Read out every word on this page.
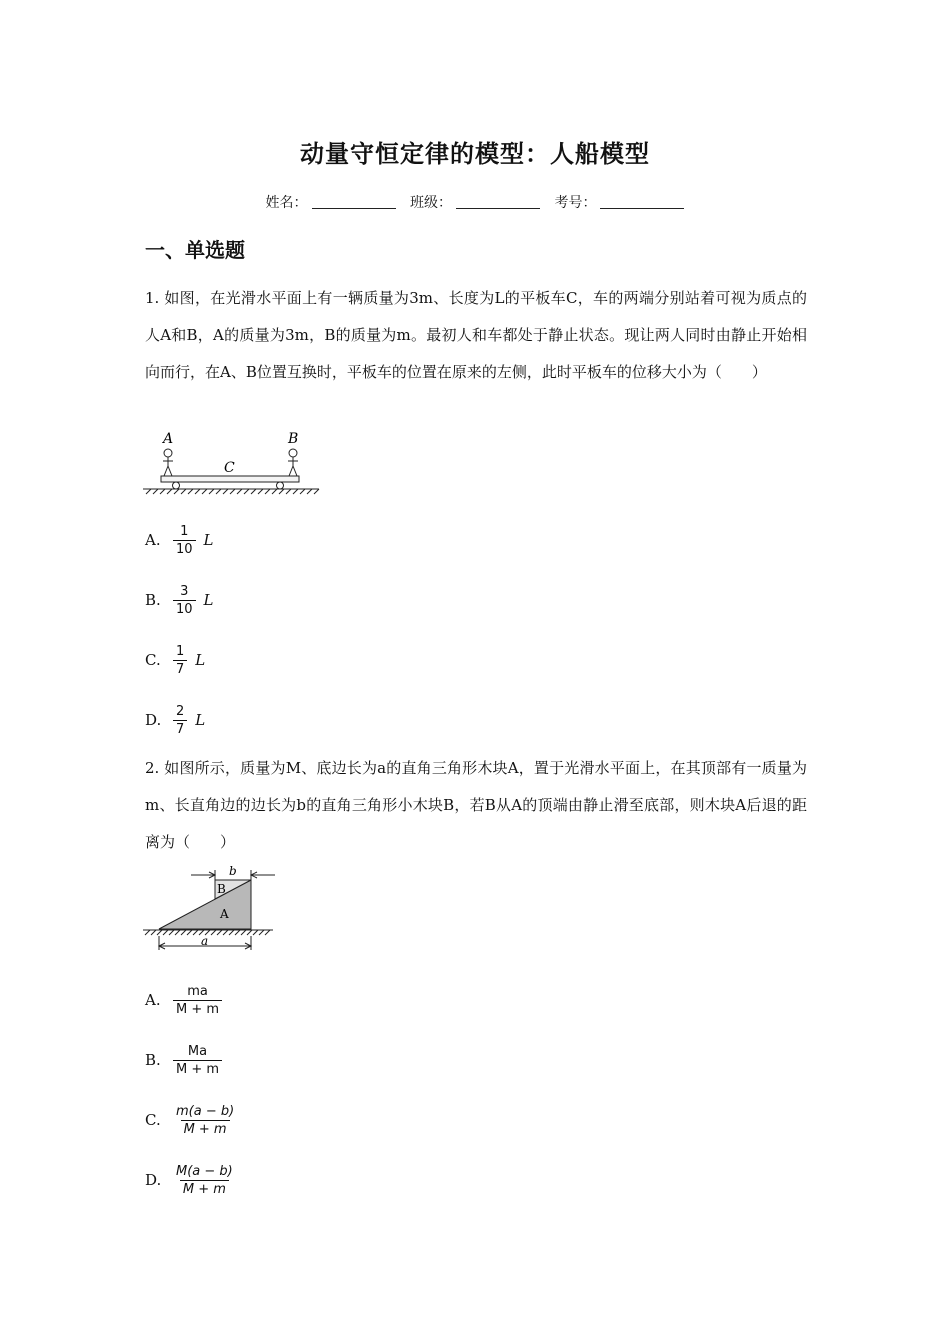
动量守恒定律的模型：人船模型
姓名：	班级：	考号：
一、单选题
1. 如图，在光滑水平面上有一辆质量为3m、长度为L的平板车C，车的两端分别站着可视为质点的人A和B，A的质量为3m，B的质量为m。最初人和车都处于静止状态。现让两人同时由静止开始相向而行，在A、B位置互换时，平板车的位置在原来的左侧，此时平板车的位移大小为（　　）
A	B
C
A. $\frac{1}{10}$ L
B. $\frac{3}{10}$ L
C. $\frac{1}{7}$ L
D. $\frac{2}{7}$ L
2. 如图所示，质量为M、底边长为a的直角三角形木块A，置于光滑水平面上，在其顶部有一质量为m、长直角边的边长为b的直角三角形小木块B，若B从A的顶端由静止滑至底部，则木块A后退的距离为（　　）
b
B
A
a
A. $\frac{ma}{M + m}$
B. $\frac{Ma}{M + m}$
C. $\frac{m(a - b)}{M + m}$
D. $\frac{M(a - b)}{M + m}$
